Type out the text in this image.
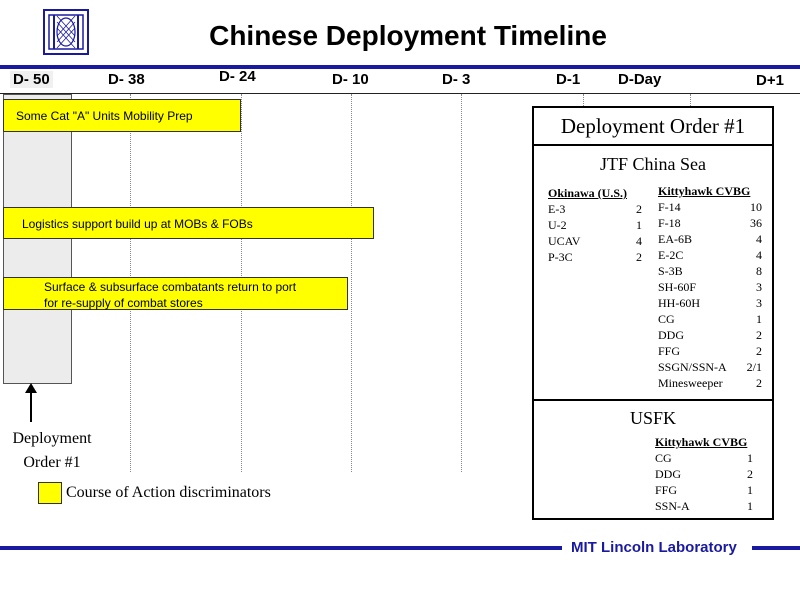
Chinese Deployment Timeline
D- 50	D- 38	D- 24	D- 10	D- 3	D-1	D-Day	D+1
Some Cat "A" Units Mobility Prep
Logistics support build up at MOBs & FOBs
Surface & subsurface combatants return to port for re-supply of combat stores
Deployment
Order #1
Course of Action discriminators
Deployment Order #1
JTF China Sea
Okinawa (U.S.)
E-3	2
U-2	1
UCAV	4
P-3C	2
Kittyhawk CVBG
F-14	10
F-18	36
EA-6B	4
E-2C	4
S-3B	8
SH-60F	3
HH-60H	3
CG	1
DDG	2
FFG	2
SSGN/SSN-A 2/1
Minesweeper	2
USFK
Kittyhawk CVBG
CG	1
DDG	2
FFG	1
SSN-A	1
MIT Lincoln Laboratory
